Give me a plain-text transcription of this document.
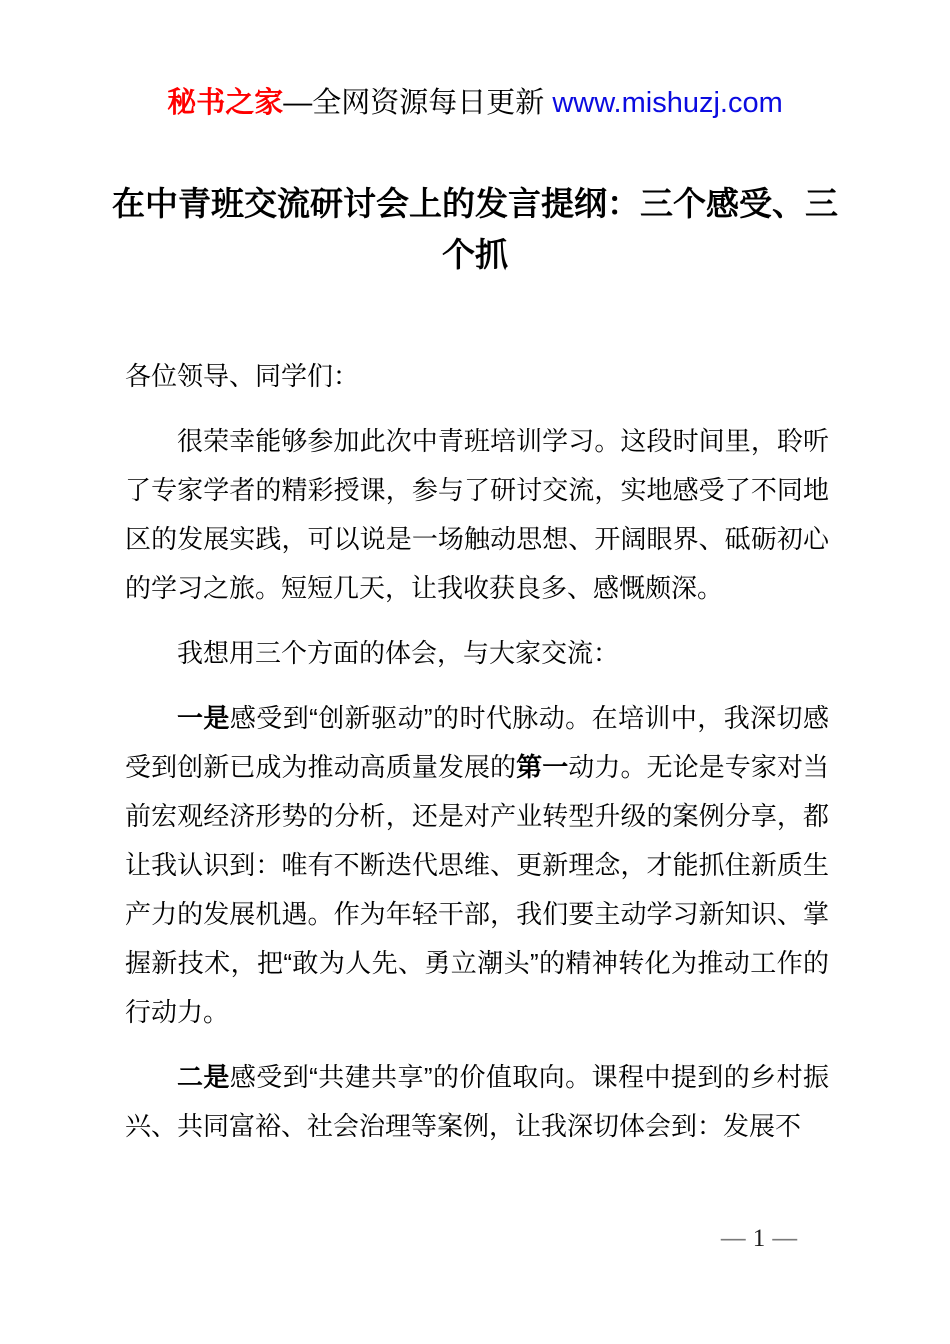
秘书之家—全网资源每日更新 www.mishuzj.com
在中青班交流研讨会上的发言提纲：三个感受、三个抓

各位领导、同学们：

很荣幸能够参加此次中青班培训学习。这段时间里，聆听了专家学者的精彩授课，参与了研讨交流，实地感受了不同地区的发展实践，可以说是一场触动思想、开阔眼界、砥砺初心的学习之旅。短短几天，让我收获良多、感慨颇深。

我想用三个方面的体会，与大家交流：

一是感受到“创新驱动”的时代脉动。在培训中，我深切感受到创新已成为推动高质量发展的第一动力。无论是专家对当前宏观经济形势的分析，还是对产业转型升级的案例分享，都让我认识到：唯有不断迭代思维、更新理念，才能抓住新质生产力的发展机遇。作为年轻干部，我们要主动学习新知识、掌握新技术，把“敢为人先、勇立潮头”的精神转化为推动工作的行动力。

二是感受到“共建共享”的价值取向。课程中提到的乡村振兴、共同富裕、社会治理等案例，让我深切体会到：发展不

— 1 —
